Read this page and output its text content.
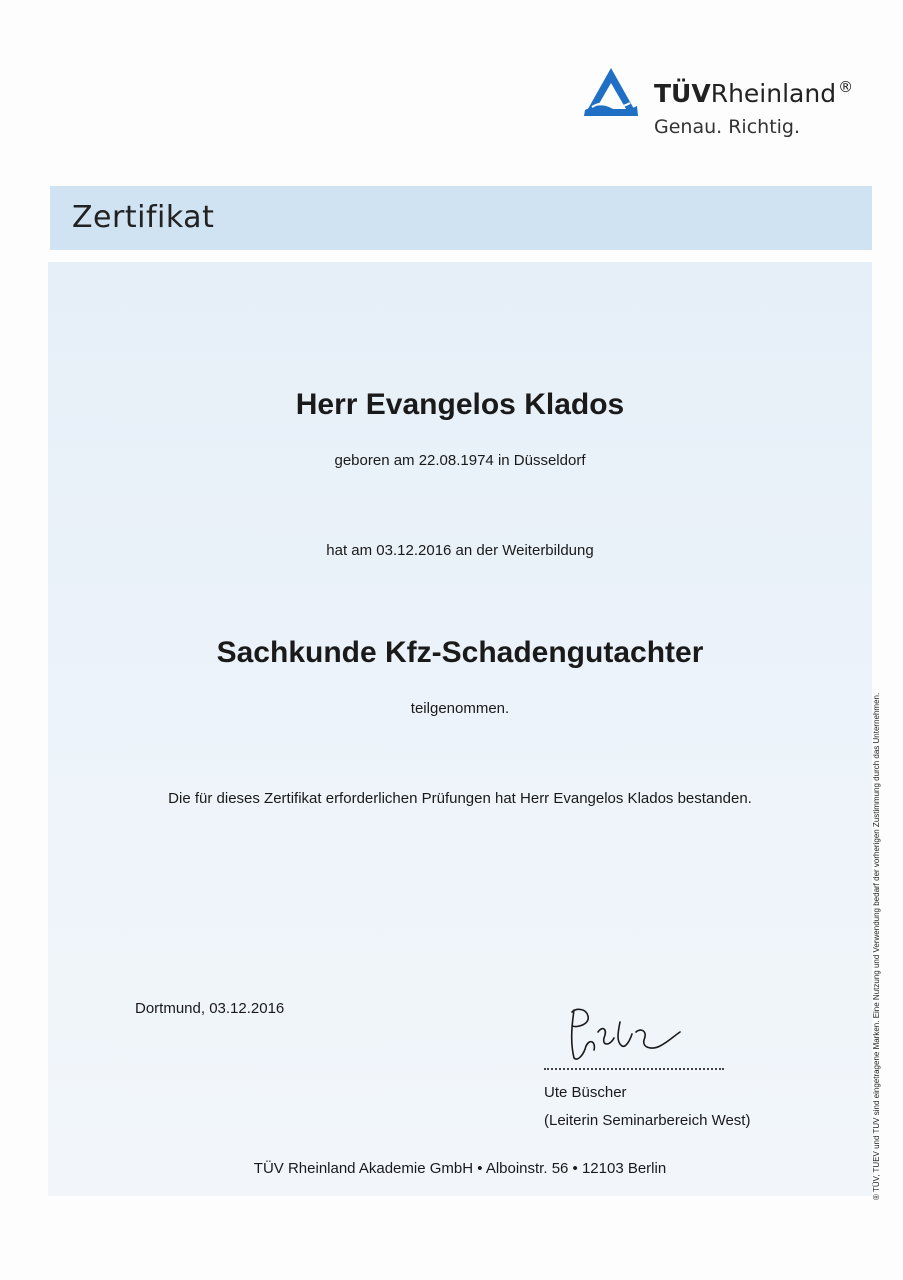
TÜVRheinland ®
Genau. Richtig.
Zertifikat
Herr Evangelos Klados
geboren am 22.08.1974 in Düsseldorf
hat am 03.12.2016 an der Weiterbildung
Sachkunde Kfz-Schadengutachter
teilgenommen.
Die für dieses Zertifikat erforderlichen Prüfungen hat Herr Evangelos Klados bestanden.
Dortmund, 03.12.2016
Ute Büscher
(Leiterin Seminarbereich West)
TÜV Rheinland Akademie GmbH • Alboinstr. 56 • 12103 Berlin	® TÜV, TUEV und TUV sind eingetragene Marken. Eine Nutzung und Verwendung bedarf der vorherigen Zustimmung durch das Unternehmen.
